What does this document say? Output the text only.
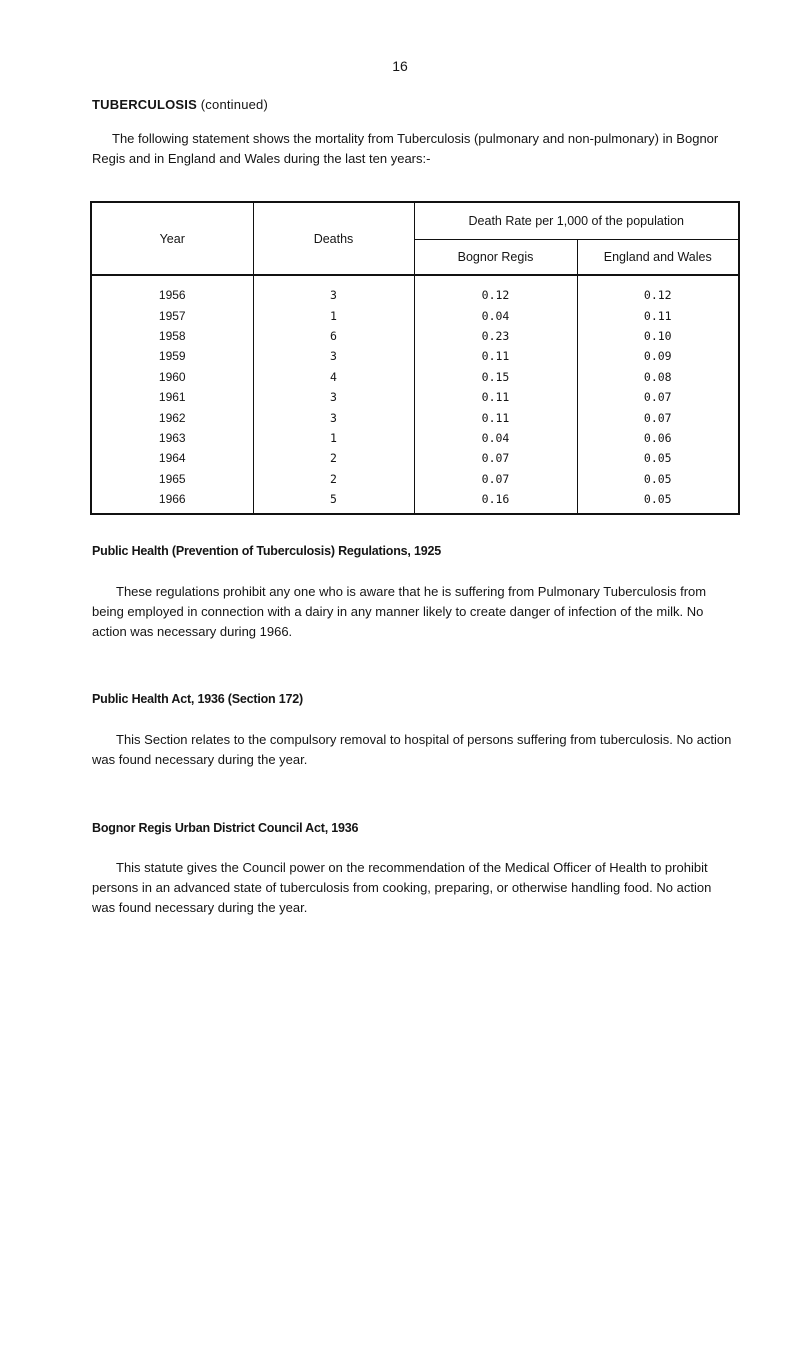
16
TUBERCULOSIS (continued)

The following statement shows the mortality from Tuberculosis (pulmonary and non-pulmonary) in Bognor Regis and in England and Wales during the last ten years:-

Year	Deaths	Death Rate per 1,000 of the population	
		Bognor Regis	England and Wales
1956	3	0.12	0.12
1957	1	0.04	0.11
1958	6	0.23	0.10
1959	3	0.11	0.09
1960	4	0.15	0.08
1961	3	0.11	0.07
1962	3	0.11	0.07
1963	1	0.04	0.06
1964	2	0.07	0.05
1965	2	0.07	0.05
1966	5	0.16	0.05
Public Health (Prevention of Tuberculosis) Regulations, 1925

These regulations prohibit any one who is aware that he is suffering from Pulmonary Tuberculosis from being employed in connection with a dairy in any manner likely to create danger of infection of the milk. No action was necessary during 1966.

Public Health Act, 1936 (Section 172)

This Section relates to the compulsory removal to hospital of persons suffering from tuberculosis. No action was found necessary during the year.

Bognor Regis Urban District Council Act, 1936

This statute gives the Council power on the recommendation of the Medical Officer of Health to prohibit persons in an advanced state of tuberculosis from cooking, preparing, or otherwise handling food. No action was found necessary during the year.
